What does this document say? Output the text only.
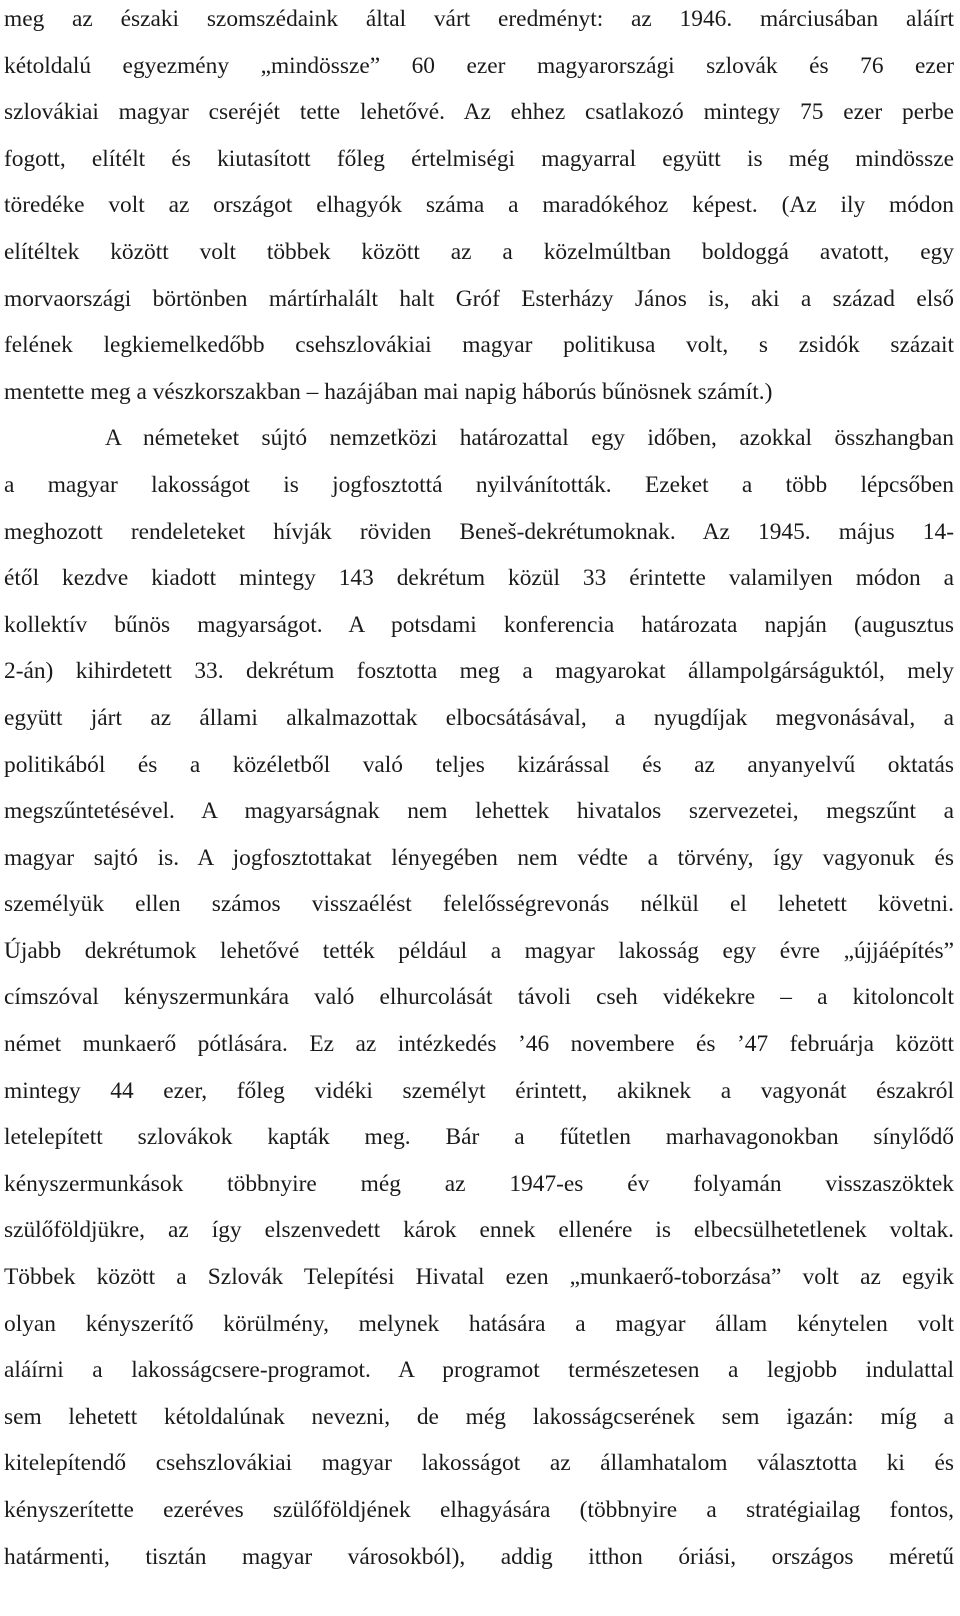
meg az északi szomszédaink által várt eredményt: az 1946. márciusában aláírt
kétoldalú egyezmény „mindössze” 60 ezer magyarországi szlovák és 76 ezer
szlovákiai magyar cseréjét tette lehetővé. Az ehhez csatlakozó mintegy 75 ezer perbe
fogott, elítélt és kiutasított főleg értelmiségi magyarral együtt is még mindössze
töredéke volt az országot elhagyók száma a maradókéhoz képest. (Az ily módon
elítéltek között volt többek között az a közelmúltban boldoggá avatott, egy
morvaországi börtönben mártírhalált halt Gróf Esterházy János is, aki a század első
felének legkiemelkedőbb csehszlovákiai magyar politikusa volt, s zsidók százait
mentette meg a vészkorszakban – hazájában mai napig háborús bűnösnek számít.)
A németeket sújtó nemzetközi határozattal egy időben, azokkal összhangban
a magyar lakosságot is jogfosztottá nyilvánították. Ezeket a több lépcsőben
meghozott rendeleteket hívják röviden Beneš-dekrétumoknak. Az 1945. május 14-
étől kezdve kiadott mintegy 143 dekrétum közül 33 érintette valamilyen módon a
kollektív bűnös magyarságot. A potsdami konferencia határozata napján (augusztus
2-án) kihirdetett 33. dekrétum fosztotta meg a magyarokat állampolgárságuktól, mely
együtt járt az állami alkalmazottak elbocsátásával, a nyugdíjak megvonásával, a
politikából és a közéletből való teljes kizárással és az anyanyelvű oktatás
megszűntetésével. A magyarságnak nem lehettek hivatalos szervezetei, megszűnt a
magyar sajtó is. A jogfosztottakat lényegében nem védte a törvény, így vagyonuk és
személyük ellen számos visszaélést felelősségrevonás nélkül el lehetett követni.
Újabb dekrétumok lehetővé tették például a magyar lakosság egy évre „újjáépítés”
címszóval kényszermunkára való elhurcolását távoli cseh vidékekre – a kitoloncolt
német munkaerő pótlására. Ez az intézkedés ’46 novembere és ’47 februárja között
mintegy 44 ezer, főleg vidéki személyt érintett, akiknek a vagyonát északról
letelepített szlovákok kapták meg. Bár a fűtetlen marhavagonokban sínylődő
kényszermunkások többnyire még az 1947-es év folyamán visszaszöktek
szülőföldjükre, az így elszenvedett károk ennek ellenére is elbecsülhetetlenek voltak.
Többek között a Szlovák Telepítési Hivatal ezen „munkaerő-toborzása” volt az egyik
olyan kényszerítő körülmény, melynek hatására a magyar állam kénytelen volt
aláírni a lakosságcsere-programot. A programot természetesen a legjobb indulattal
sem lehetett kétoldalúnak nevezni, de még lakosságcserének sem igazán: míg a
kitelepítendő csehszlovákiai magyar lakosságot az államhatalom választotta ki és
kényszerítette ezeréves szülőföldjének elhagyására (többnyire a stratégiailag fontos,
határmenti, tisztán magyar városokból), addig itthon óriási, országos méretű
